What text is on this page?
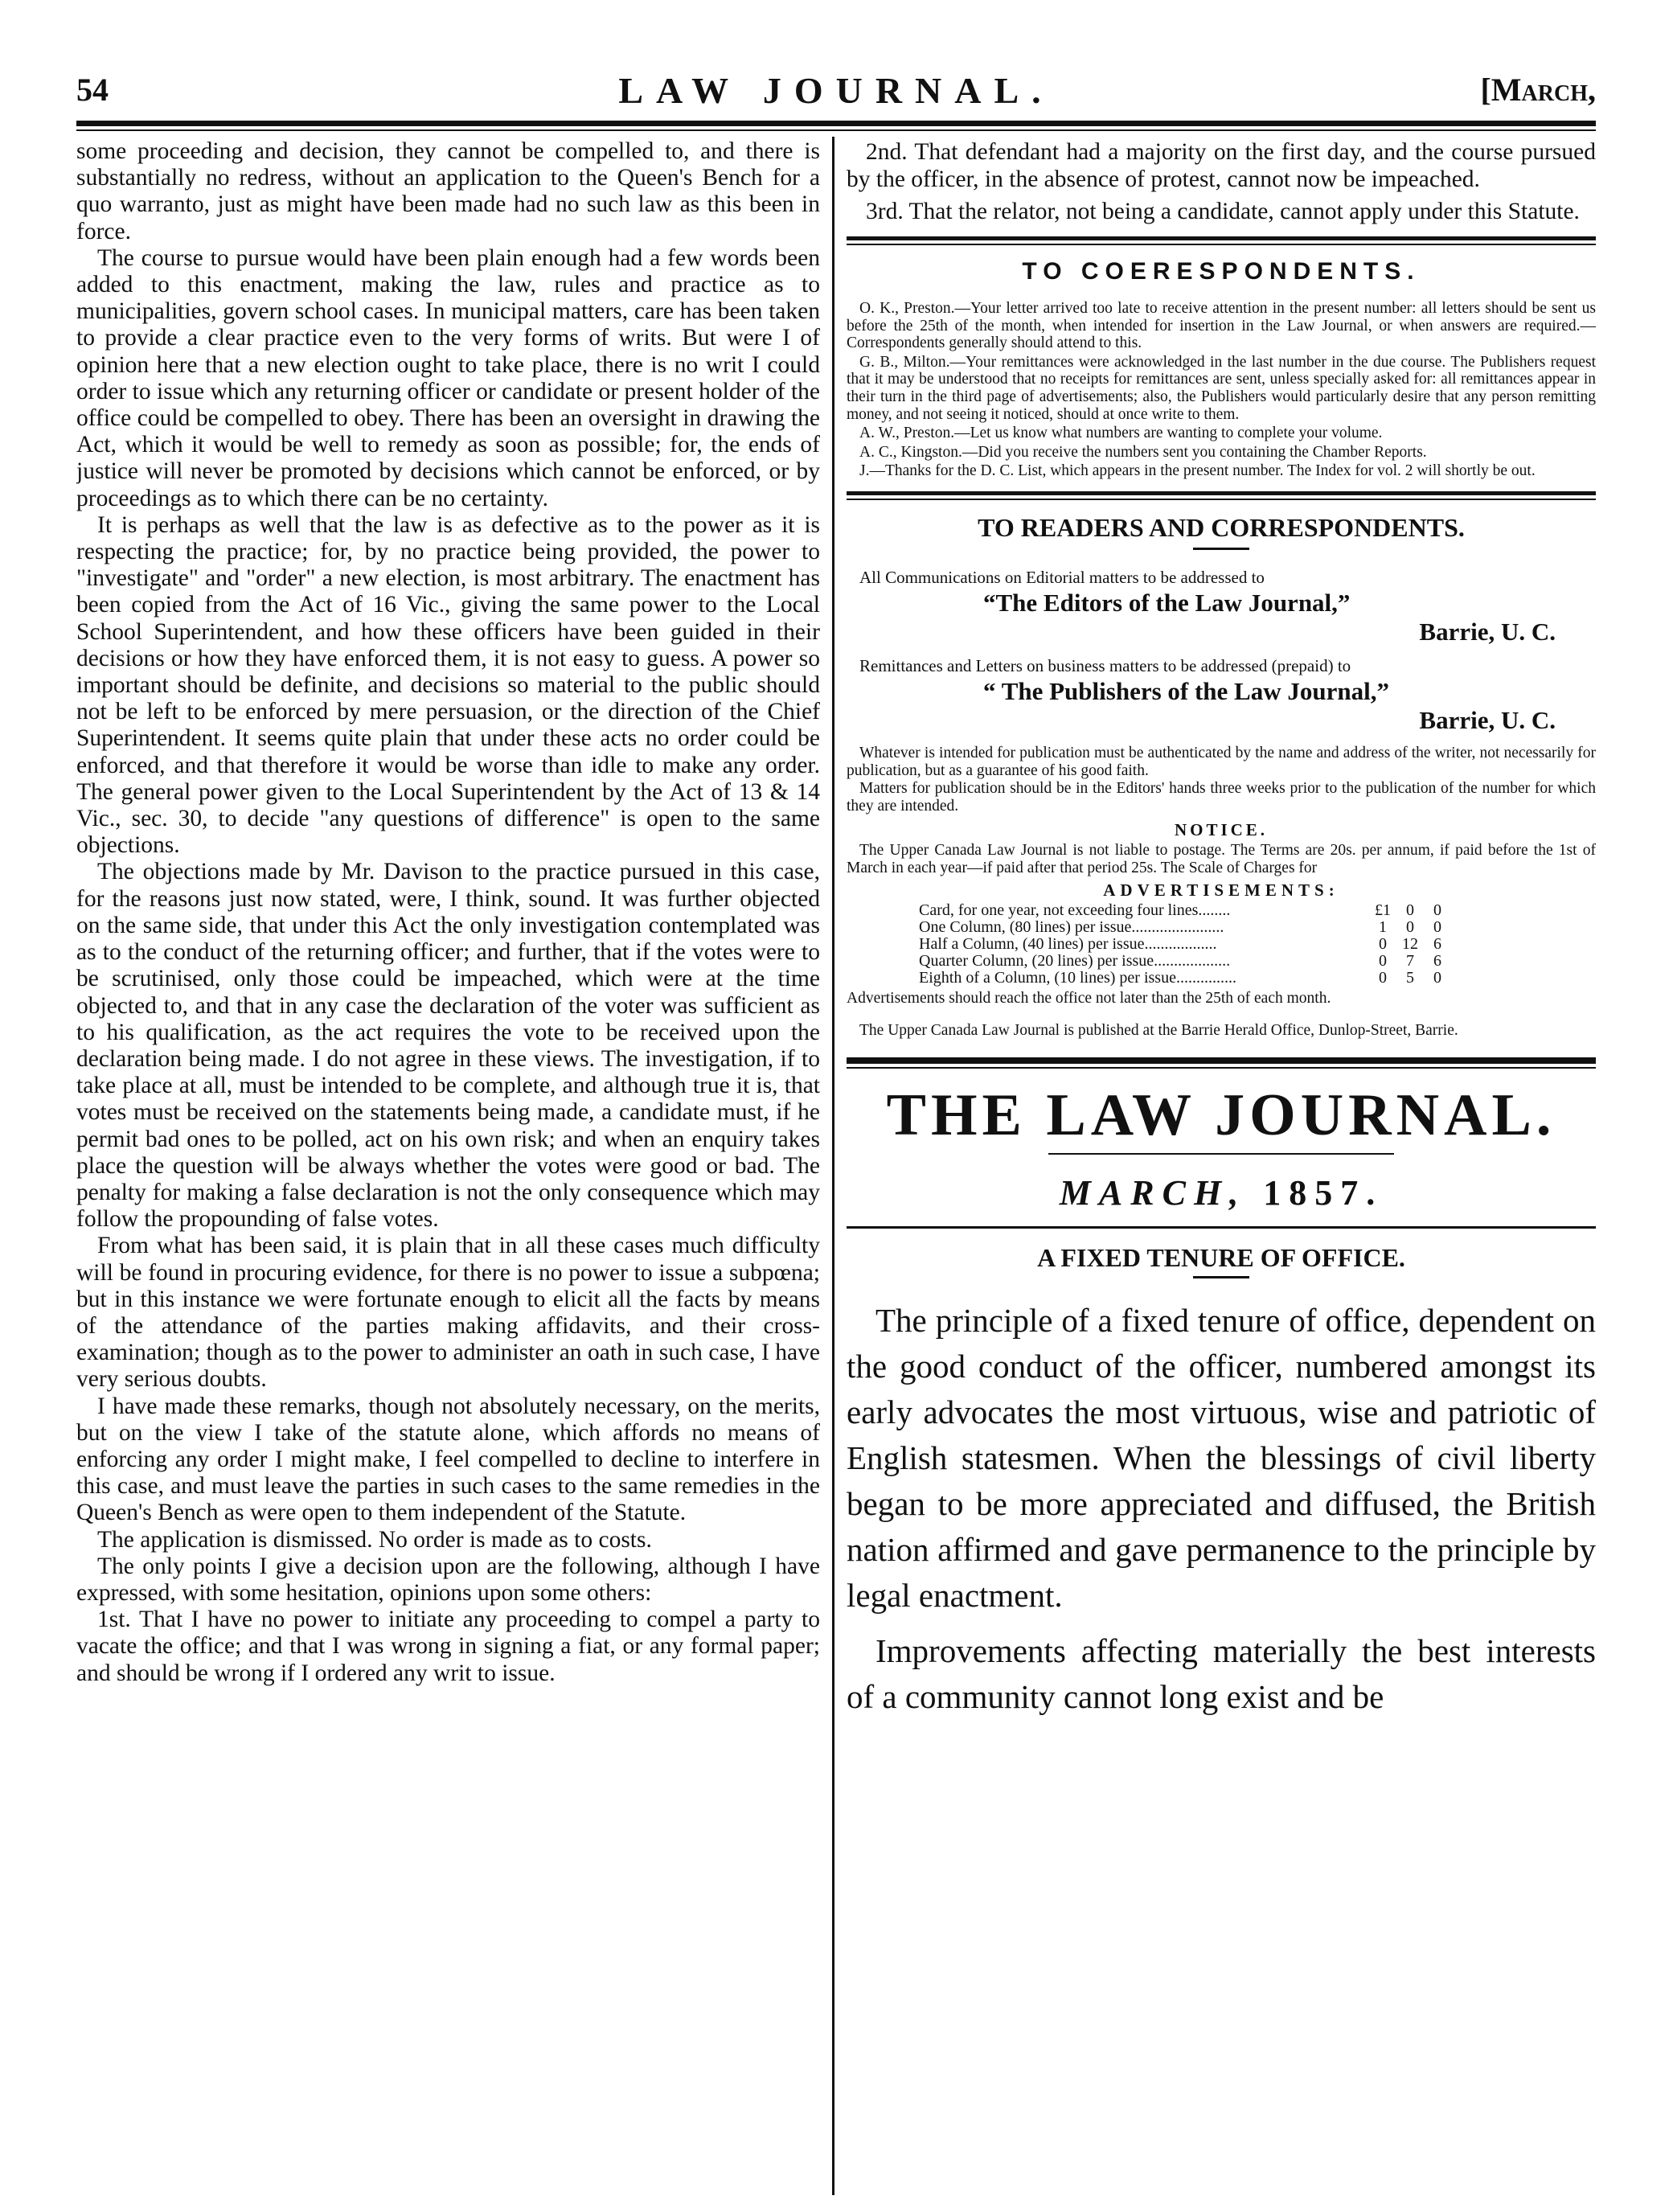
54	LAW JOURNAL.	[March,

some proceeding and decision, they cannot be compelled to, and there is substantially no redress, without an application to the Queen's Bench for a quo warranto, just as might have been made had no such law as this been in force.

The course to pursue would have been plain enough had a few words been added to this enactment, making the law, rules and practice as to municipalities, govern school cases. In municipal matters, care has been taken to provide a clear practice even to the very forms of writs. But were I of opinion here that a new election ought to take place, there is no writ I could order to issue which any returning officer or candidate or present holder of the office could be compelled to obey. There has been an oversight in drawing the Act, which it would be well to remedy as soon as possible; for, the ends of justice will never be promoted by decisions which cannot be enforced, or by proceedings as to which there can be no certainty.

It is perhaps as well that the law is as defective as to the power as it is respecting the practice; for, by no practice being provided, the power to "investigate" and "order" a new election, is most arbitrary. The enactment has been copied from the Act of 16 Vic., giving the same power to the Local School Superintendent, and how these officers have been guided in their decisions or how they have enforced them, it is not easy to guess. A power so important should be definite, and decisions so material to the public should not be left to be enforced by mere persuasion, or the direction of the Chief Superintendent. It seems quite plain that under these acts no order could be enforced, and that therefore it would be worse than idle to make any order. The general power given to the Local Superintendent by the Act of 13 & 14 Vic., sec. 30, to decide "any questions of difference" is open to the same objections.

The objections made by Mr. Davison to the practice pursued in this case, for the reasons just now stated, were, I think, sound. It was further objected on the same side, that under this Act the only investigation contemplated was as to the conduct of the returning officer; and further, that if the votes were to be scrutinised, only those could be impeached, which were at the time objected to, and that in any case the declaration of the voter was sufficient as to his qualification, as the act requires the vote to be received upon the declaration being made. I do not agree in these views. The investigation, if to take place at all, must be intended to be complete, and although true it is, that votes must be received on the statements being made, a candidate must, if he permit bad ones to be polled, act on his own risk; and when an enquiry takes place the question will be always whether the votes were good or bad. The penalty for making a false declaration is not the only consequence which may follow the propounding of false votes.

From what has been said, it is plain that in all these cases much difficulty will be found in procuring evidence, for there is no power to issue a subpœna; but in this instance we were fortunate enough to elicit all the facts by means of the attendance of the parties making affidavits, and their cross-examination; though as to the power to administer an oath in such case, I have very serious doubts.

I have made these remarks, though not absolutely necessary, on the merits, but on the view I take of the statute alone, which affords no means of enforcing any order I might make, I feel compelled to decline to interfere in this case, and must leave the parties in such cases to the same remedies in the Queen's Bench as were open to them independent of the Statute.

The application is dismissed. No order is made as to costs.

The only points I give a decision upon are the following, although I have expressed, with some hesitation, opinions upon some others:

1st. That I have no power to initiate any proceeding to compel a party to vacate the office; and that I was wrong in signing a fiat, or any formal paper; and should be wrong if I ordered any writ to issue.

2nd. That defendant had a majority on the first day, and the course pursued by the officer, in the absence of protest, cannot now be impeached.

3rd. That the relator, not being a candidate, cannot apply under this Statute.

TO COERESPONDENTS.

O. K., Preston.—Your letter arrived too late to receive attention in the present number: all letters should be sent us before the 25th of the month, when intended for insertion in the Law Journal, or when answers are required.—Correspondents generally should attend to this.

G. B., Milton.—Your remittances were acknowledged in the last number in the due course. The Publishers request that it may be understood that no receipts for remittances are sent, unless specially asked for: all remittances appear in their turn in the third page of advertisements; also, the Publishers would particularly desire that any person remitting money, and not seeing it noticed, should at once write to them.

A. W., Preston.—Let us know what numbers are wanting to complete your volume.

A. C., Kingston.—Did you receive the numbers sent you containing the Chamber Reports.

J.—Thanks for the D. C. List, which appears in the present number. The Index for vol. 2 will shortly be out.

TO READERS AND CORRESPONDENTS.

All Communications on Editorial matters to be addressed to

“The Editors of the Law Journal,”

Barrie, U. C.

Remittances and Letters on business matters to be addressed (prepaid) to

“ The Publishers of the Law Journal,”

Barrie, U. C.

Whatever is intended for publication must be authenticated by the name and address of the writer, not necessarily for publication, but as a guarantee of his good faith.

Matters for publication should be in the Editors' hands three weeks prior to the publication of the number for which they are intended.

NOTICE.

The Upper Canada Law Journal is not liable to postage. The Terms are 20s. per annum, if paid before the 1st of March in each year—if paid after that period 25s. The Scale of Charges for

ADVERTISEMENTS:
Card, for one year, not exceeding four lines........	£1	0	0
One Column, (80 lines) per issue.......................	1	0	0
Half a Column, (40 lines) per issue..................	0	12	6
Quarter Column, (20 lines) per issue...................	0	7	6
Eighth of a Column, (10 lines) per issue...............	0	5	0

Advertisements should reach the office not later than the 25th of each month.

The Upper Canada Law Journal is published at the Barrie Herald Office, Dunlop-Street, Barrie.

THE LAW JOURNAL.
MARCH, 1857.
A FIXED TENURE OF OFFICE.

The principle of a fixed tenure of office, dependent on the good conduct of the officer, numbered amongst its early advocates the most virtuous, wise and patriotic of English statesmen. When the blessings of civil liberty began to be more appreciated and diffused, the British nation affirmed and gave permanence to the principle by legal enactment.

Improvements affecting materially the best interests of a community cannot long exist and be
